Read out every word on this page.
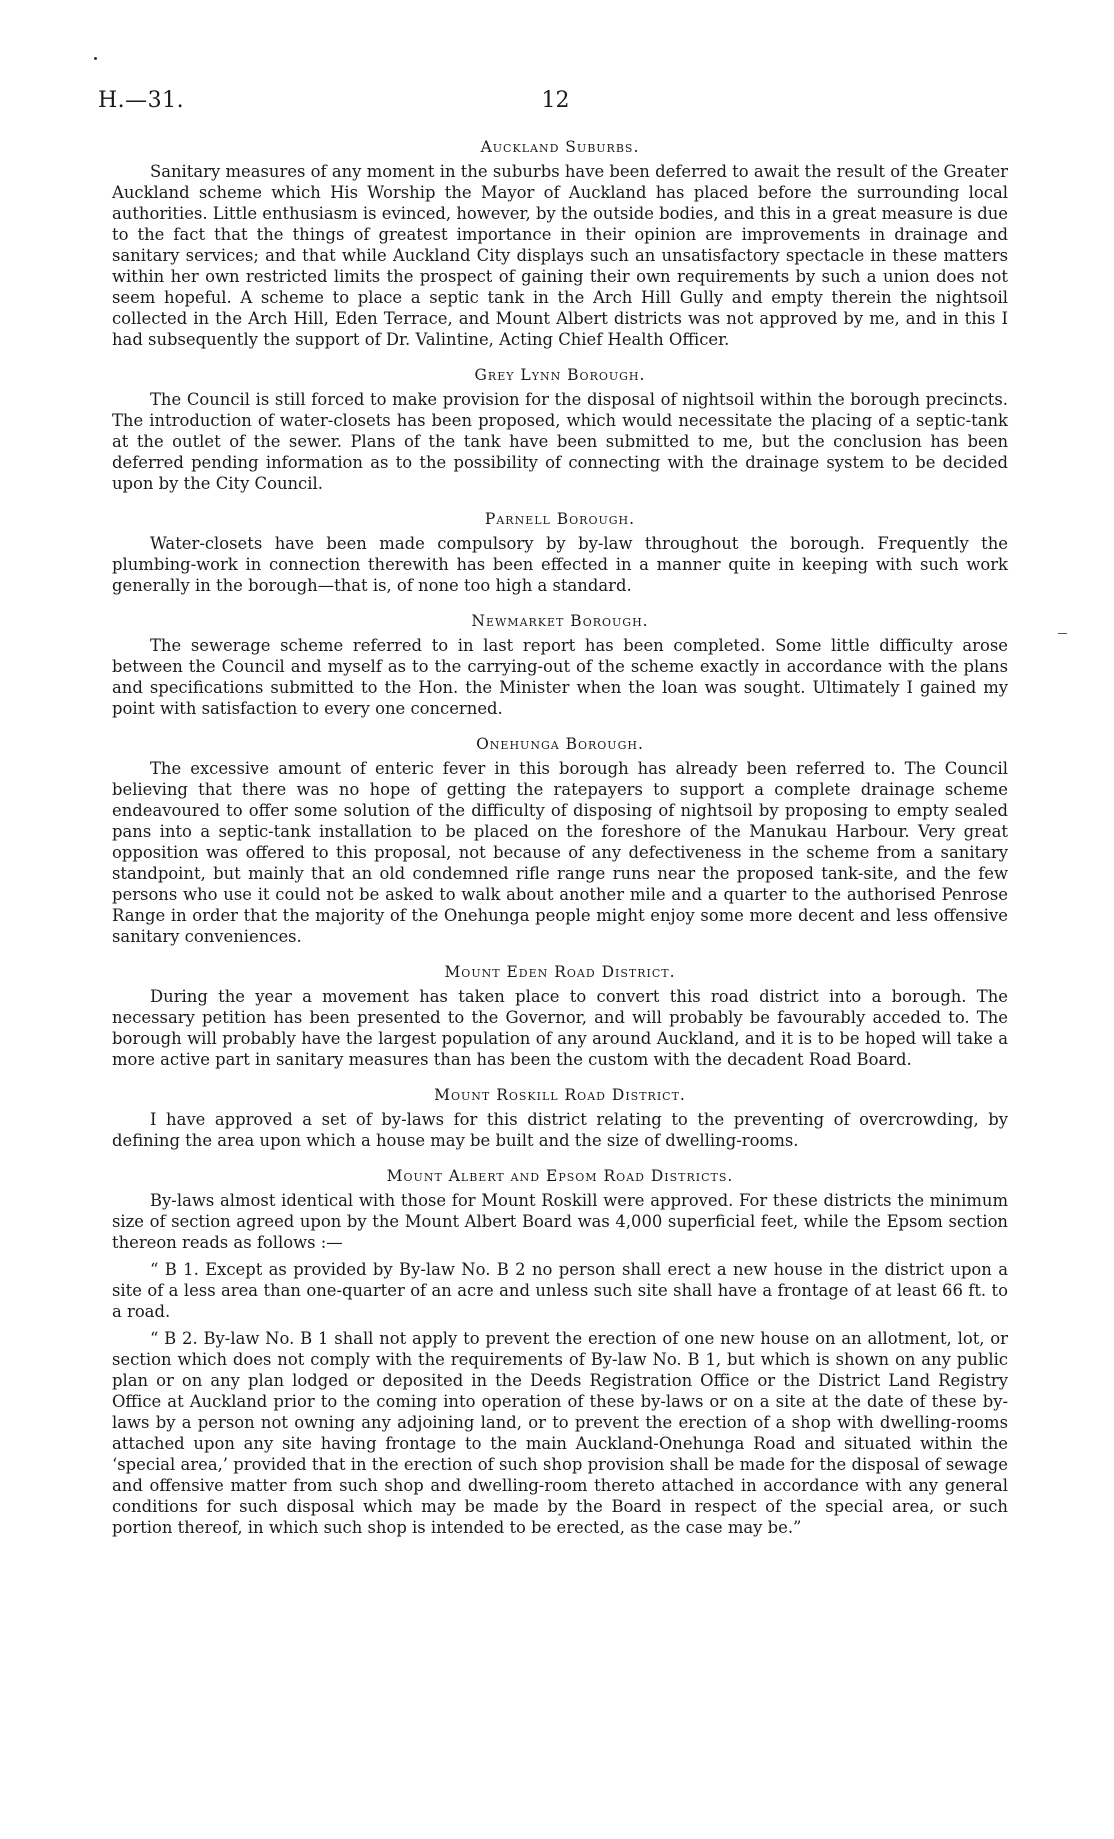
H.—31.	12
Auckland Suburbs.

Sanitary measures of any moment in the suburbs have been deferred to await the result of the Greater Auckland scheme which His Worship the Mayor of Auckland has placed before the surrounding local authorities. Little enthusiasm is evinced, however, by the outside bodies, and this in a great measure is due to the fact that the things of greatest importance in their opinion are improvements in drainage and sanitary services; and that while Auckland City displays such an unsatisfactory spectacle in these matters within her own restricted limits the prospect of gaining their own requirements by such a union does not seem hopeful. A scheme to place a septic tank in the Arch Hill Gully and empty therein the nightsoil collected in the Arch Hill, Eden Terrace, and Mount Albert districts was not approved by me, and in this I had subsequently the support of Dr. Valintine, Acting Chief Health Officer.

Grey Lynn Borough.

The Council is still forced to make provision for the disposal of nightsoil within the borough precincts. The introduction of water-closets has been proposed, which would necessitate the placing of a septic-tank at the outlet of the sewer. Plans of the tank have been submitted to me, but the conclusion has been deferred pending information as to the possibility of connecting with the drainage system to be decided upon by the City Council.

Parnell Borough.

Water-closets have been made compulsory by by-law throughout the borough. Frequently the plumbing-work in connection therewith has been effected in a manner quite in keeping with such work generally in the borough—that is, of none too high a standard.

Newmarket Borough.

The sewerage scheme referred to in last report has been completed. Some little difficulty arose between the Council and myself as to the carrying-out of the scheme exactly in accordance with the plans and specifications submitted to the Hon. the Minister when the loan was sought. Ultimately I gained my point with satisfaction to every one concerned.

Onehunga Borough.

The excessive amount of enteric fever in this borough has already been referred to. The Council believing that there was no hope of getting the ratepayers to support a complete drainage scheme endeavoured to offer some solution of the difficulty of disposing of nightsoil by proposing to empty sealed pans into a septic-tank installation to be placed on the foreshore of the Manukau Harbour. Very great opposition was offered to this proposal, not because of any defectiveness in the scheme from a sanitary standpoint, but mainly that an old condemned rifle range runs near the proposed tank-site, and the few persons who use it could not be asked to walk about another mile and a quarter to the authorised Penrose Range in order that the majority of the Onehunga people might enjoy some more decent and less offensive sanitary conveniences.

Mount Eden Road District.

During the year a movement has taken place to convert this road district into a borough. The necessary petition has been presented to the Governor, and will probably be favourably acceded to. The borough will probably have the largest population of any around Auckland, and it is to be hoped will take a more active part in sanitary measures than has been the custom with the decadent Road Board.

Mount Roskill Road District.

I have approved a set of by-laws for this district relating to the preventing of overcrowding, by defining the area upon which a house may be built and the size of dwelling-rooms.

Mount Albert and Epsom Road Districts.

By-laws almost identical with those for Mount Roskill were approved. For these districts the minimum size of section agreed upon by the Mount Albert Board was 4,000 superficial feet, while the Epsom section thereon reads as follows :—

“ B 1. Except as provided by By-law No. B 2 no person shall erect a new house in the district upon a site of a less area than one-quarter of an acre and unless such site shall have a frontage of at least 66 ft. to a road.

“ B 2. By-law No. B 1 shall not apply to prevent the erection of one new house on an allotment, lot, or section which does not comply with the requirements of By-law No. B 1, but which is shown on any public plan or on any plan lodged or deposited in the Deeds Registration Office or the District Land Registry Office at Auckland prior to the coming into operation of these by-laws or on a site at the date of these by-laws by a person not owning any adjoining land, or to prevent the erection of a shop with dwelling-rooms attached upon any site having frontage to the main Auckland-Onehunga Road and situated within the ‘special area,’ provided that in the erection of such shop provision shall be made for the disposal of sewage and offensive matter from such shop and dwelling-room thereto attached in accordance with any general conditions for such disposal which may be made by the Board in respect of the special area, or such portion thereof, in which such shop is intended to be erected, as the case may be.”
